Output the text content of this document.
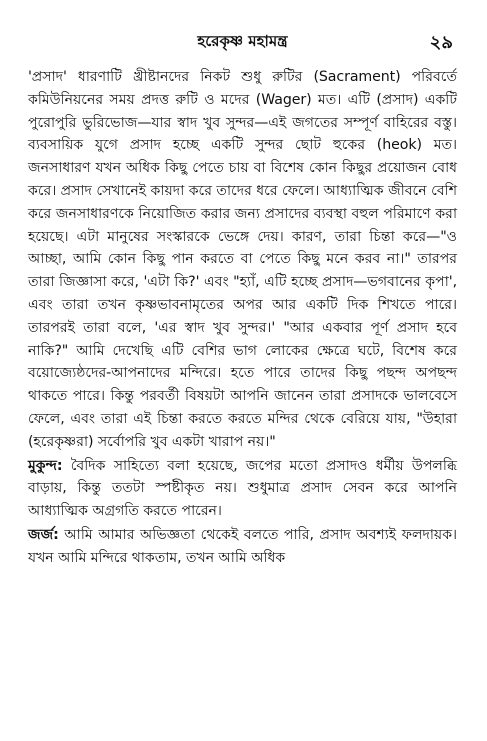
হরেকৃষ্ণ মহামন্ত্র	২৯

'প্রসাদ' ধারণাটি খ্রীষ্টানদের নিকট শুধু রুটির (Sacrament) পরিবর্তে কমিউনিয়নের সময় প্রদত্ত রুটি ও মদের (Wager) মত। এটি (প্রসাদ) একটি পুরোপুরি ভুরিভোজ—যার স্বাদ খুব সুন্দর—এই জগতের সম্পূর্ণ বাহিরের বস্তু। ব্যবসায়িক যুগে প্রসাদ হচ্ছে একটি সুন্দর ছোট হুকের (heok) মত। জনসাধারণ যখন অধিক কিছু পেতে চায় বা বিশেষ কোন কিছুর প্রয়োজন বোধ করে। প্রসাদ সেখানেই কায়দা করে তাদের ধরে ফেলে। আধ্যাত্মিক জীবনে বেশি করে জনসাধারণকে নিয়োজিত করার জন্য প্রসাদের ব্যবস্থা বহুল পরিমাণে করা হয়েছে। এটা মানুষের সংস্কারকে ভেঙ্গে দেয়। কারণ, তারা চিন্তা করে—"ও আচ্ছা, আমি কোন কিছু পান করতে বা পেতে কিছু মনে করব না।" তারপর তারা জিজ্ঞাসা করে, 'এটা কি?' এবং "হ্যাঁ, এটি হচ্ছে প্রসাদ—ভগবানের কৃপা', এবং তারা তখন কৃষ্ণভাবনামৃতের অপর আর একটি দিক শিখতে পারে। তারপরই তারা বলে, 'এর স্বাদ খুব সুন্দর।' "আর একবার পূর্ণ প্রসাদ হবে নাকি?" আমি দেখেছি এটি বেশির ভাগ লোকের ক্ষেত্রে ঘটে, বিশেষ করে বয়োজ্যেষ্ঠদের-আপনাদের মন্দিরে। হতে পারে তাদের কিছু পছন্দ অপছন্দ থাকতে পারে। কিন্তু পরবর্তী বিষয়টা আপনি জানেন তারা প্রসাদকে ভালবেসে ফেলে, এবং তারা এই চিন্তা করতে করতে মন্দির থেকে বেরিয়ে যায়, "উহারা (হরেকৃষ্ণরা) সর্বোপরি খুব একটা খারাপ নয়।"

মুকুন্দ: বৈদিক সাহিত্যে বলা হয়েছে, জপের মতো প্রসাদও ধর্মীয় উপলব্ধি বাড়ায়, কিন্তু ততটা স্পষ্টীকৃত নয়। শুধুমাত্র প্রসাদ সেবন করে আপনি আধ্যাত্মিক অগ্রগতি করতে পারেন।

জর্জ: আমি আমার অভিজ্ঞতা থেকেই বলতে পারি, প্রসাদ অবশ্যই ফলদায়ক। যখন আমি মন্দিরে থাকতাম, তখন আমি অধিক
